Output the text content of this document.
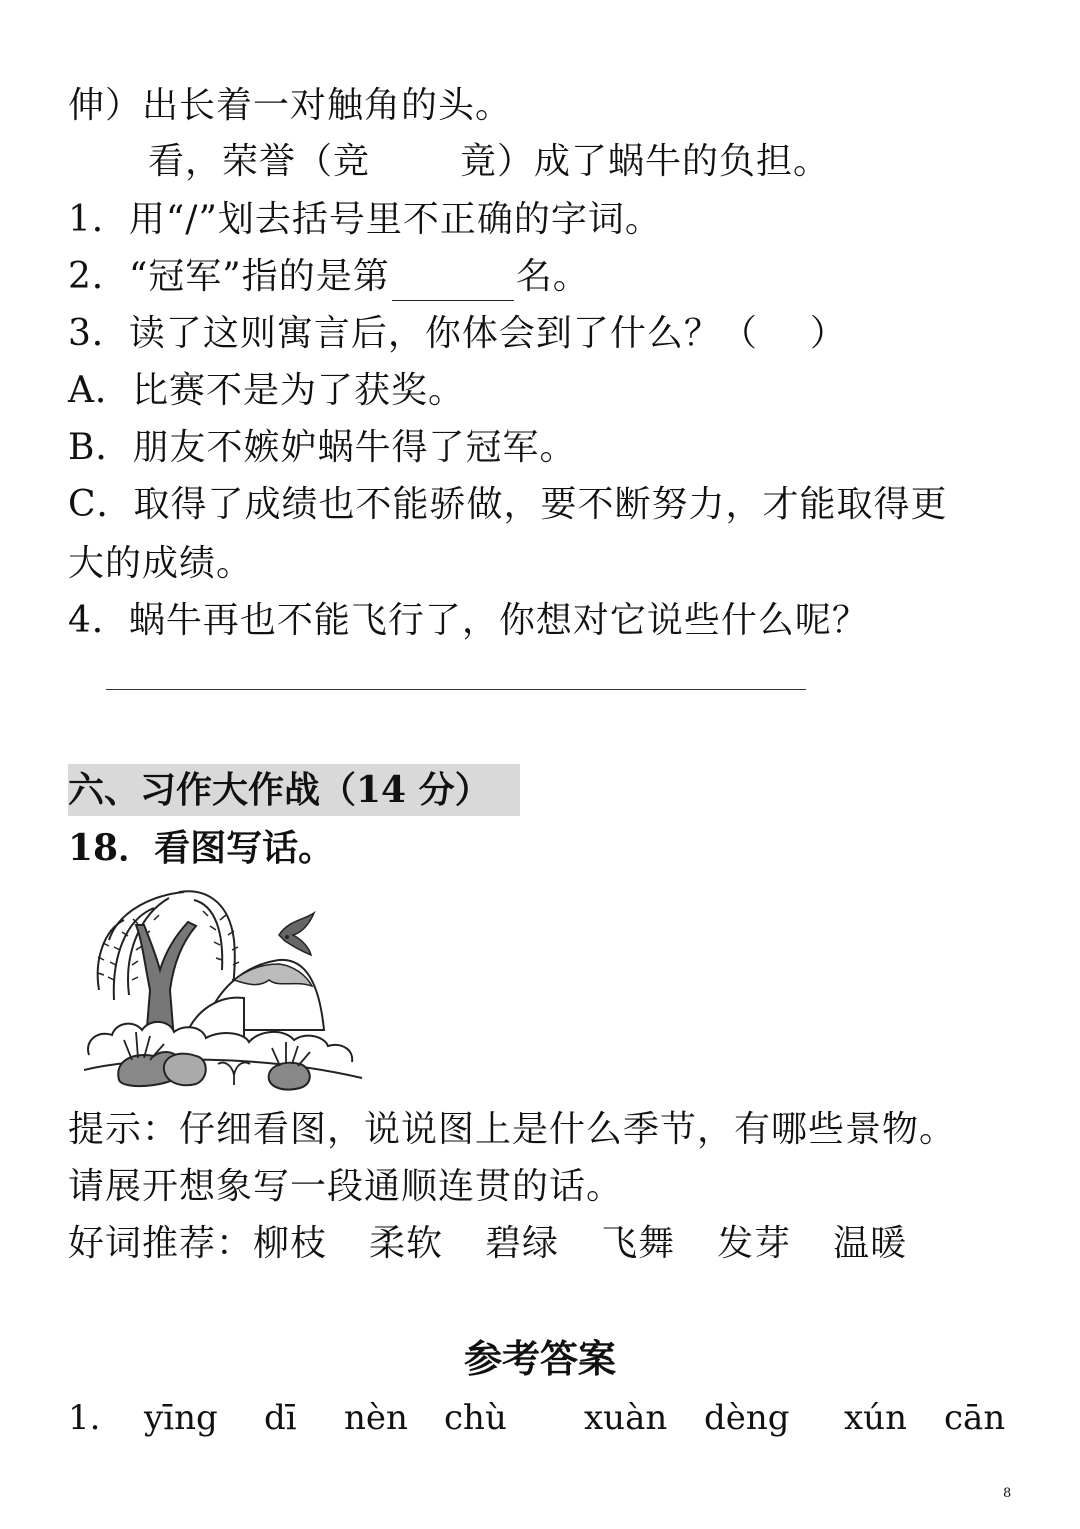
伸）出长着一对触角的头。
看，荣誉（竞	竟）成了蜗牛的负担。
1．用“/”划去括号里不正确的字词。
2．“冠军”指的是第	名。
3．读了这则寓言后，你体会到了什么？（ ）
A．比赛不是为了获奖。
B．朋友不嫉妒蜗牛得了冠军。
C．取得了成绩也不能骄做，要不断努力，才能取得更
大的成绩。
4．蜗牛再也不能飞行了，你想对它说些什么呢？
六、习作大作战（14 分）
18．看图写话。
提示：仔细看图，说说图上是什么季节，有哪些景物。
请展开想象写一段通顺连贯的话。
好词推荐：柳枝 柔软 碧绿 飞舞 发芽 温暖
参考答案
1. yīng dī nèn chù xuàn dèng xún cān
8
